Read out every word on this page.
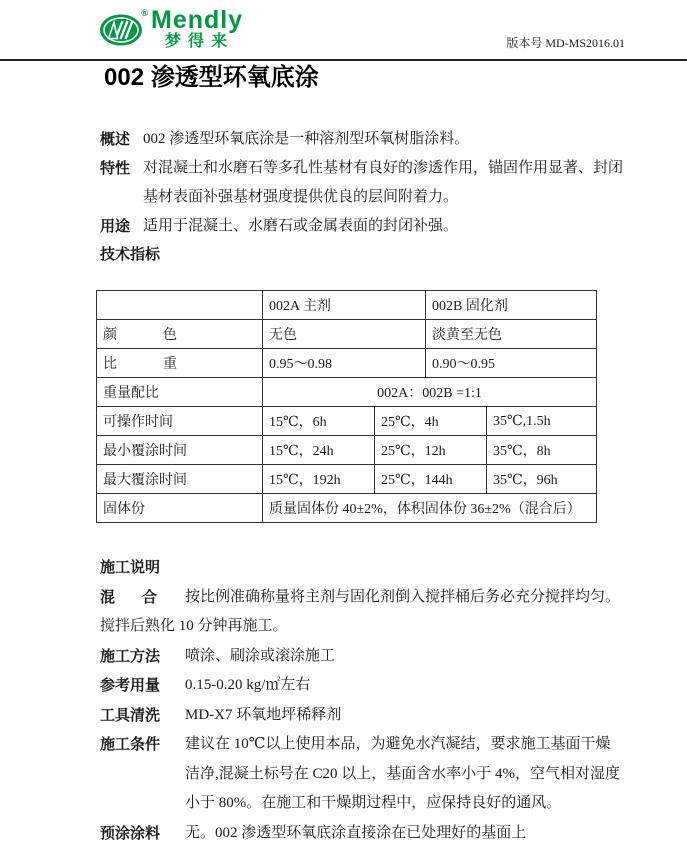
® Mendly
梦得来	版本号 MD-MS2016.01
002 渗透型环氧底涂
概述 002 渗透型环氧底涂是一种溶剂型环氧树脂涂料。
特性 对混凝土和水磨石等多孔性基材有良好的渗透作用，锚固作用显著、封闭
基材表面补强基材强度提供优良的层间附着力。
用途 适用于混凝土、水磨石或金属表面的封闭补强。
技术指标
	002A 主剂		002B 固化剂	

颜 色	无色		淡黄至无色	

比 重	0.95～0.98		0.90～0.95	
重量配比	002A：002B =1:1			
可操作时间	15℃，6h	25℃，4h		35℃,1.5h
最小覆涂时间	15℃，24h	25℃，12h		35℃，8h
最大覆涂时间	15℃，192h	25℃，144h		35℃，96h
固体份	质量固体份 40±2%，体积固体份 36±2%（混合后）			
施工说明
混 合 按比例准确称量将主剂与固化剂倒入搅拌桶后务必充分搅拌均匀。
搅拌后熟化 10 分钟再施工。
施工方法	喷涂、刷涂或滚涂施工
参考用量	0.15-0.20 kg/㎡左右
工具清洗	MD-X7 环氧地坪稀释剂
施工条件	建议在 10℃以上使用本品，为避免水汽凝结，要求施工基面干燥
洁净,混凝土标号在 C20 以上，基面含水率小于 4%，空气相对湿度
小于 80%。在施工和干燥期过程中，应保持良好的通风。
预涂涂料	无。002 渗透型环氧底涂直接涂在已处理好的基面上
